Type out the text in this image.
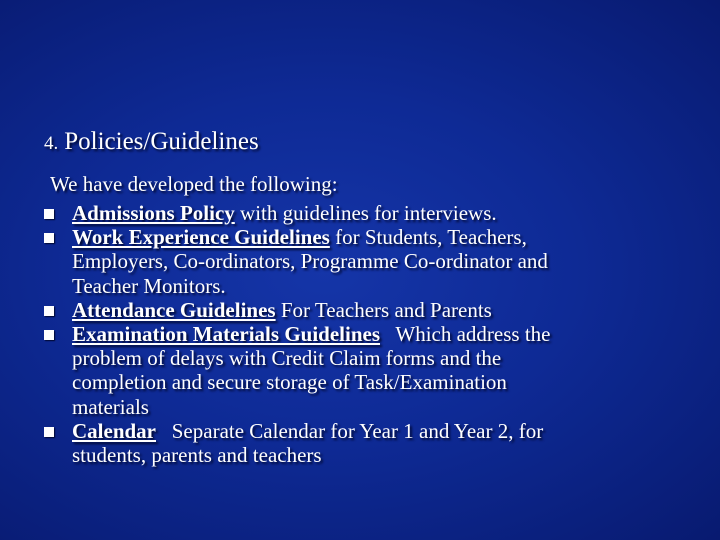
4. Policies/Guidelines
We have developed the following:
Admissions Policy with guidelines for interviews.
Work Experience Guidelines for Students, Teachers,
Employers, Co-ordinators, Programme Co-ordinator and
Teacher Monitors.
Attendance Guidelines For Teachers and Parents
Examination Materials Guidelines   Which address the
problem of delays with Credit Claim forms and the
completion and secure storage of Task/Examination
materials
Calendar   Separate Calendar for Year 1 and Year 2, for
students, parents and teachers
